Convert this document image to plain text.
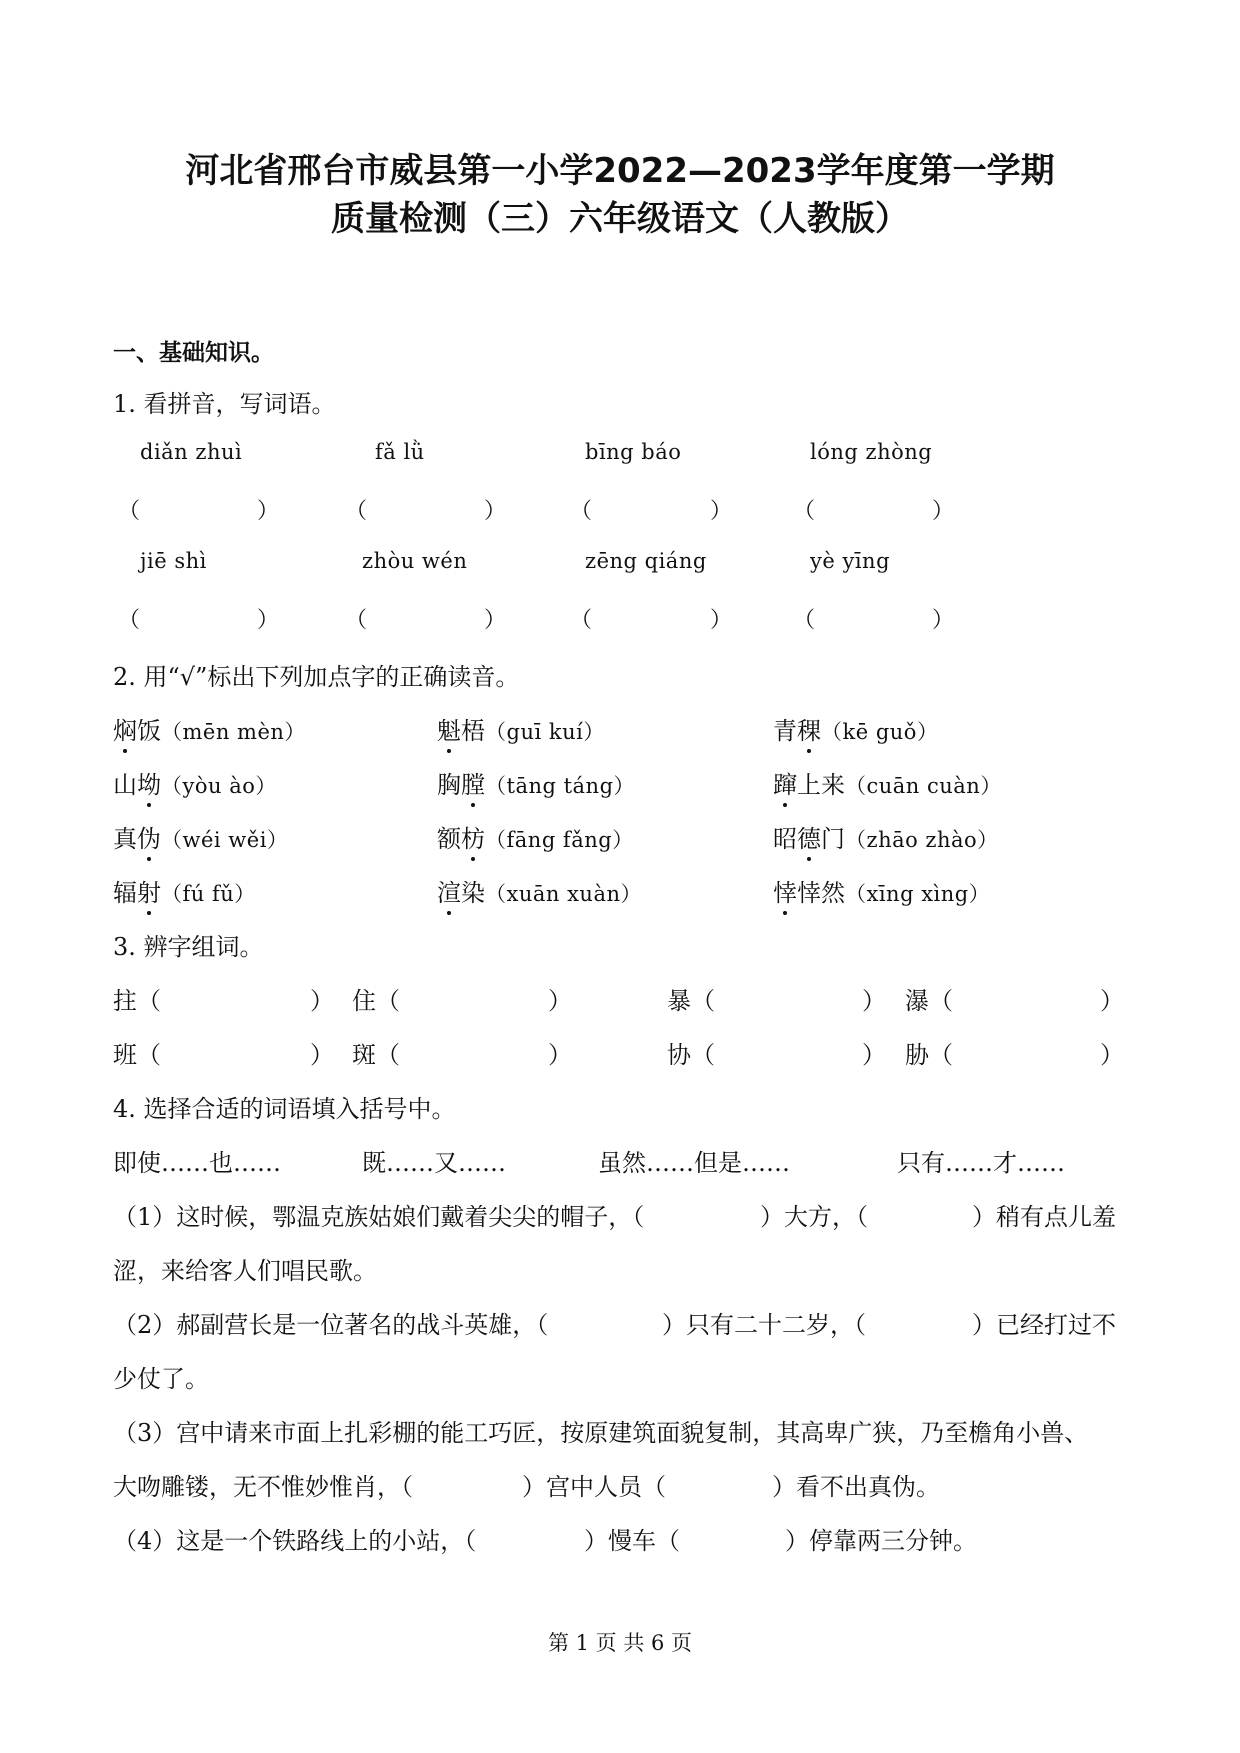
河北省邢台市威县第一小学2022—2023学年度第一学期
质量检测（三）六年级语文（人教版）
一、基础知识。
1. 看拼音，写词语。
diǎn zhuì	fǎ lǜ	bīng báo	lóng zhòng
（	）	（	）	（	）	（	）
jiē shì	zhòu wén	zēng qiáng	yè yīng
（	）	（	）	（	）	（	）
2. 用“√”标出下列加点字的正确读音。
焖饭（mēn mèn）	魁梧（guī kuí）	青稞（kē guǒ）
山坳（yòu ào）	胸膛（tāng táng）	蹿上来（cuān cuàn）
真伪（wéi wěi）	额枋（fāng fǎng）	昭德门（zhāo zhào）
辐射（fú fǔ）	渲染（xuān xuàn）	悻悻然（xīng xìng）
3. 辨字组词。
拄（	） 住（	）	暴（	） 瀑（	）
班（	） 斑（	）	协（	） 胁（	）
4. 选择合适的词语填入括号中。
即使……也……	既……又……	虽然……但是……	只有……才……
（1）这时候，鄂温克族姑娘们戴着尖尖的帽子，（	）大方，（	）稍有点儿羞
涩，来给客人们唱民歌。
（2）郝副营长是一位著名的战斗英雄，（	）只有二十二岁，（	）已经打过不
少仗了。
（3）宫中请来市面上扎彩棚的能工巧匠，按原建筑面貌复制，其高卑广狭，乃至檐角小兽、
大吻雕镂，无不惟妙惟肖，（	）宫中人员（	）看不出真伪。
（4）这是一个铁路线上的小站，（	）慢车（	）停靠两三分钟。
第 1 页 共 6 页
